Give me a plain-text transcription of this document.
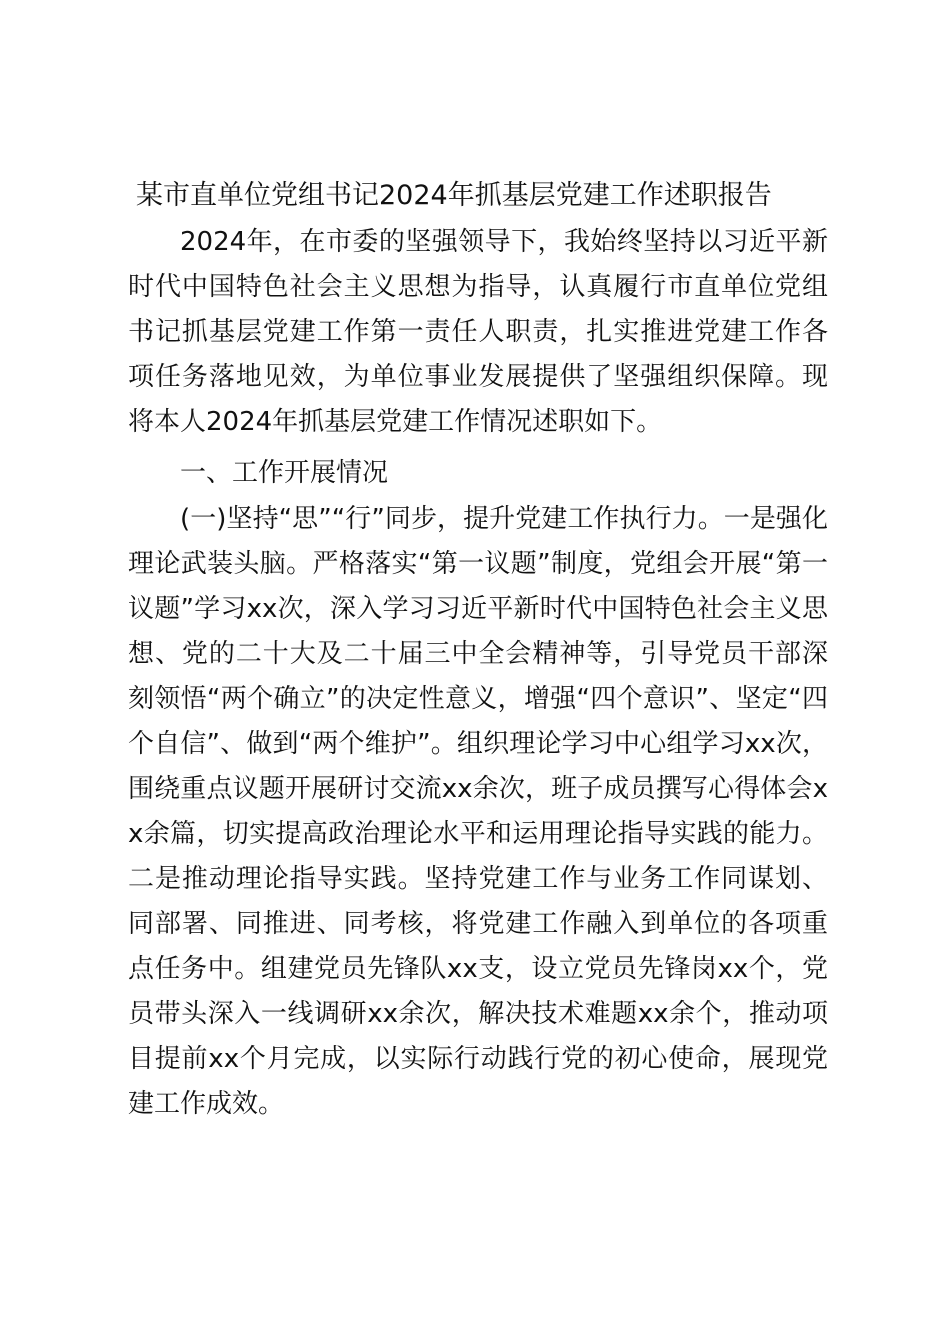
某市直单位党组书记2024年抓基层党建工作述职报告

2024年，在市委的坚强领导下，我始终坚持以习近平新时代中国特色社会主义思想为指导，认真履行市直单位党组书记抓基层党建工作第一责任人职责，扎实推进党建工作各项任务落地见效，为单位事业发展提供了坚强组织保障。现将本人2024年抓基层党建工作情况述职如下。

一、工作开展情况

(一)坚持“思”“行”同步，提升党建工作执行力。一是强化理论武装头脑。严格落实“第一议题”制度，党组会开展“第一议题”学习xx次，深入学习习近平新时代中国特色社会主义思想、党的二十大及二十届三中全会精神等，引导党员干部深刻领悟“两个确立”的决定性意义，增强“四个意识”、坚定“四个自信”、做到“两个维护”。组织理论学习中心组学习xx次，围绕重点议题开展研讨交流xx余次，班子成员撰写心得体会xx余篇，切实提高政治理论水平和运用理论指导实践的能力。二是推动理论指导实践。坚持党建工作与业务工作同谋划、同部署、同推进、同考核，将党建工作融入到单位的各项重点任务中。组建党员先锋队xx支，设立党员先锋岗xx个，党员带头深入一线调研xx余次，解决技术难题xx余个，推动项目提前xx个月完成，以实际行动践行党的初心使命，展现党建工作成效。
